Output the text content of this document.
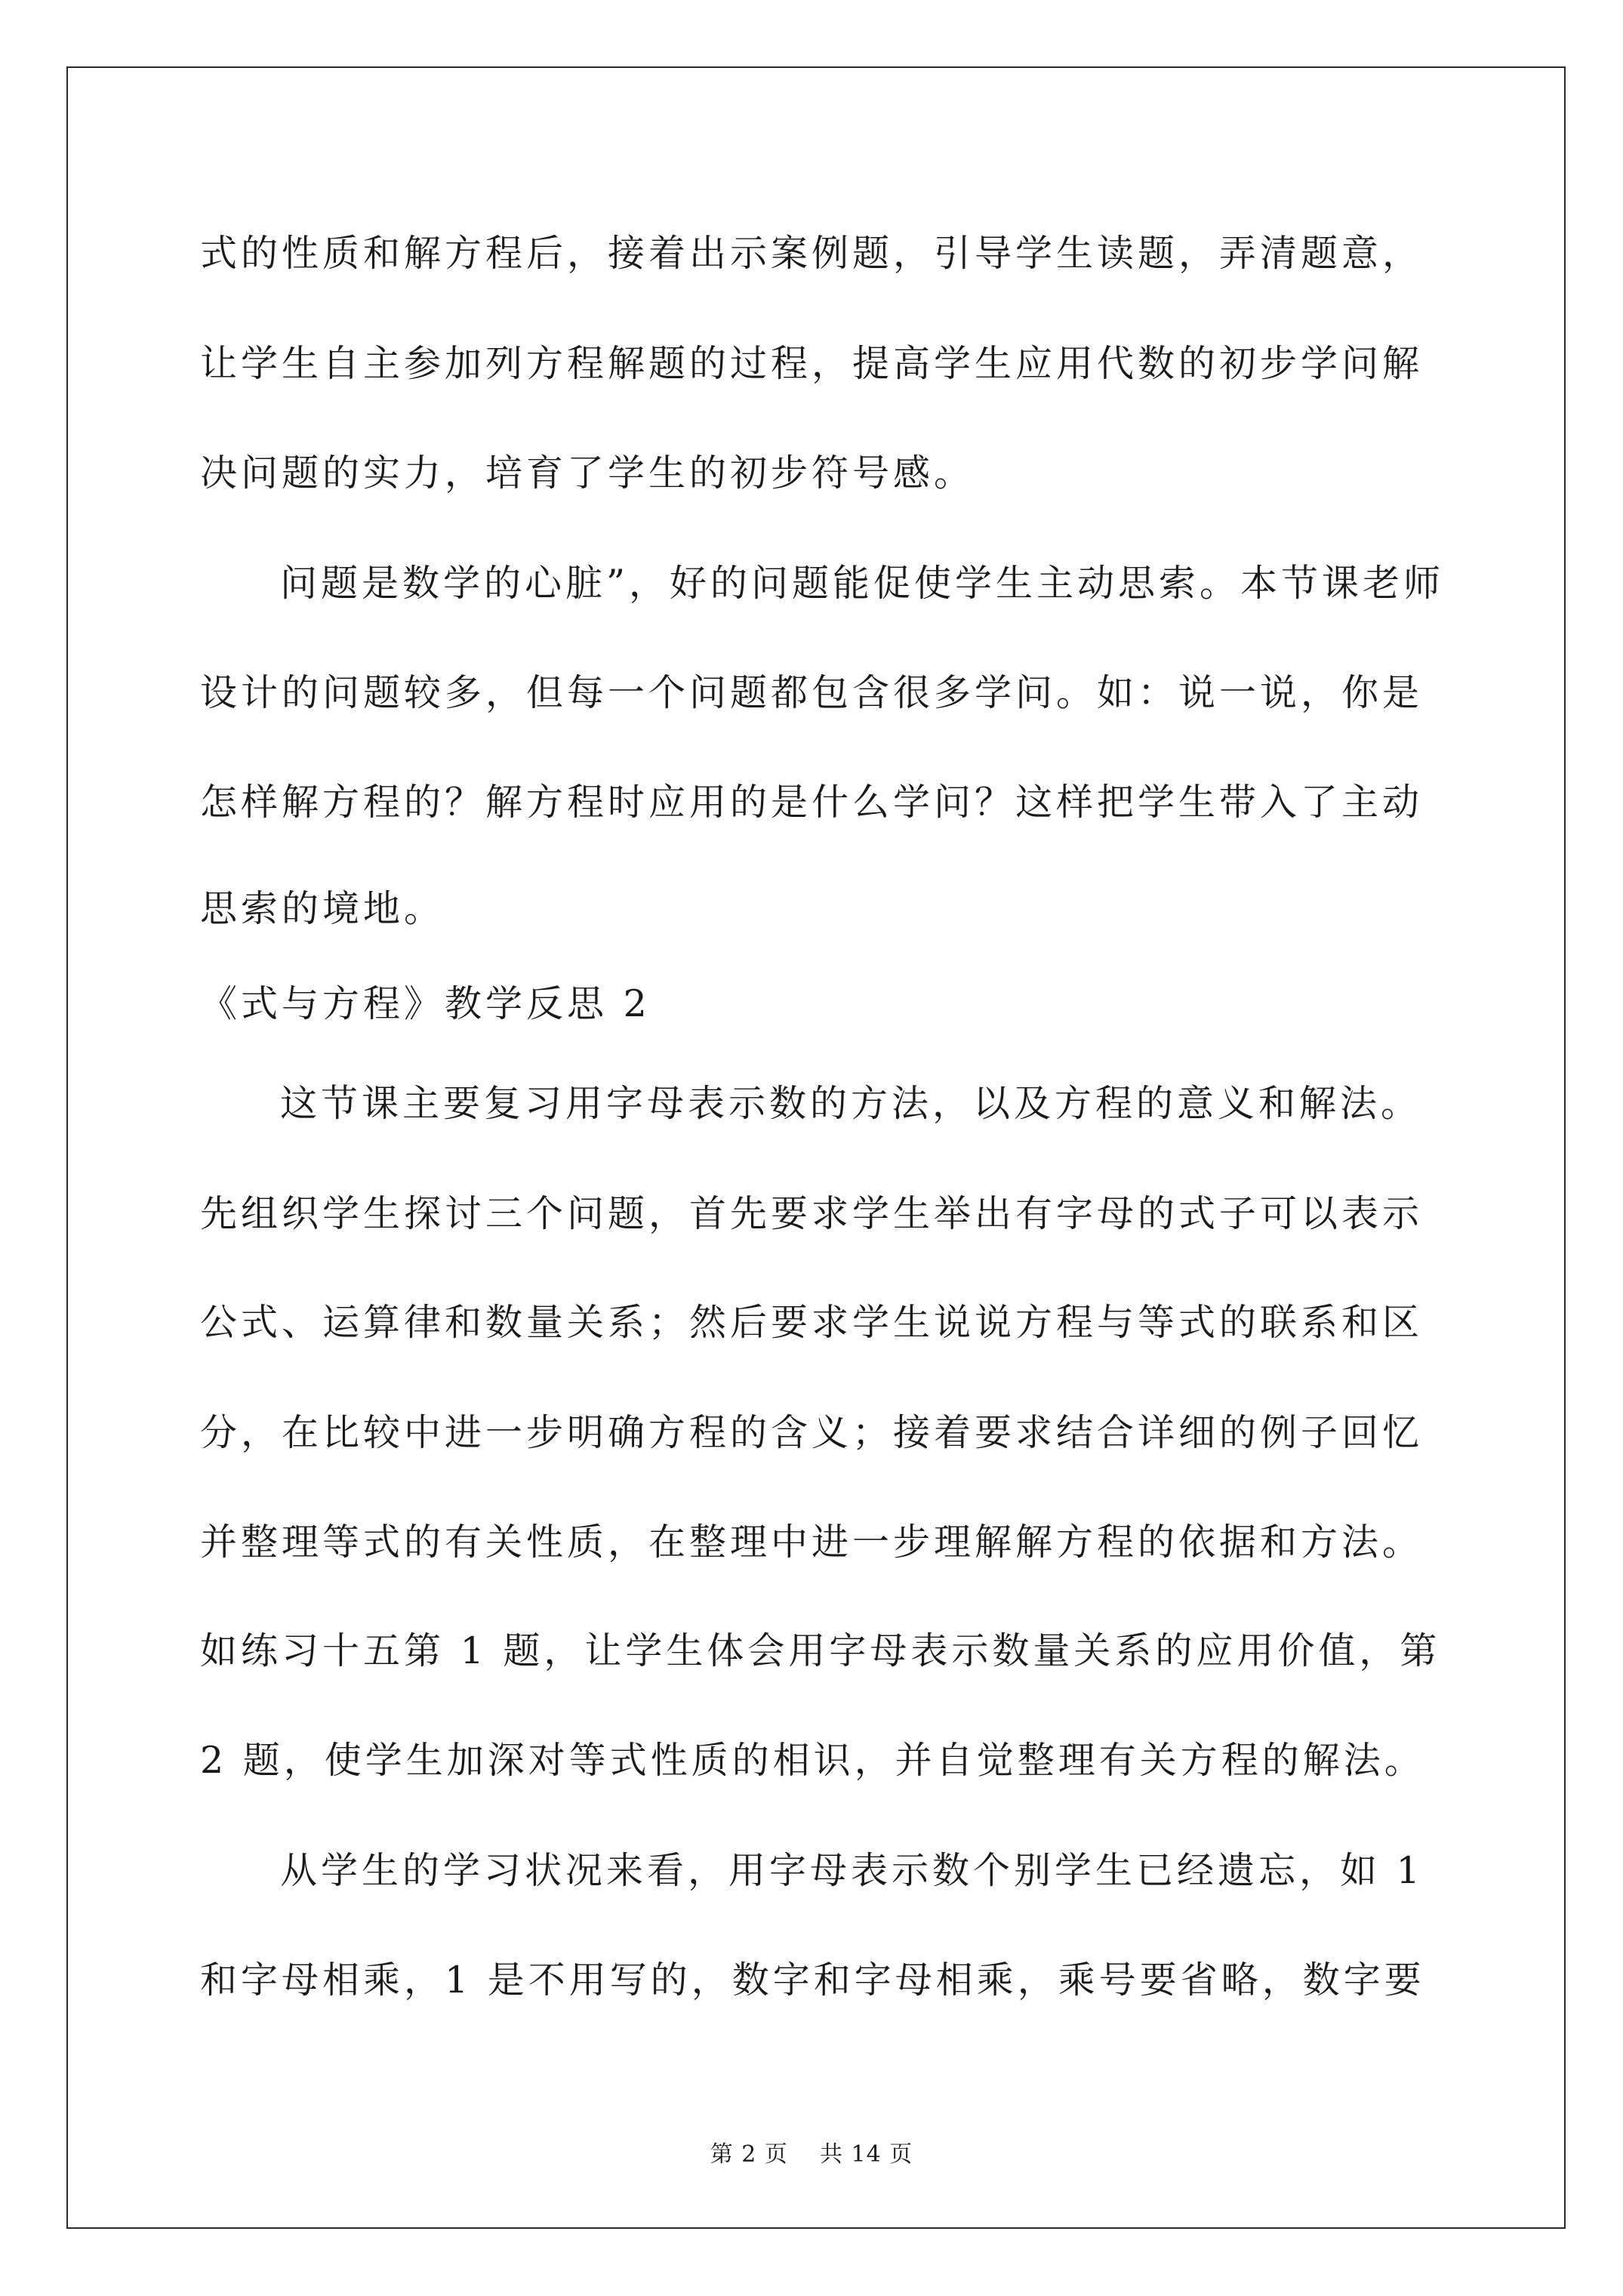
式的性质和解方程后，接着出示案例题，引导学生读题，弄清题意，
让学生自主参加列方程解题的过程，提高学生应用代数的初步学问解
决问题的实力，培育了学生的初步符号感。
问题是数学的心脏”，好的问题能促使学生主动思索。本节课老师
设计的问题较多，但每一个问题都包含很多学问。如：说一说，你是
怎样解方程的？解方程时应用的是什么学问？这样把学生带入了主动
思索的境地。
《式与方程》教学反思 2
这节课主要复习用字母表示数的方法，以及方程的意义和解法。
先组织学生探讨三个问题，首先要求学生举出有字母的式子可以表示
公式、运算律和数量关系；然后要求学生说说方程与等式的联系和区
分，在比较中进一步明确方程的含义；接着要求结合详细的例子回忆
并整理等式的有关性质，在整理中进一步理解解方程的依据和方法。
如练习十五第 1 题，让学生体会用字母表示数量关系的应用价值，第
2 题，使学生加深对等式性质的相识，并自觉整理有关方程的解法。
从学生的学习状况来看，用字母表示数个别学生已经遗忘，如 1
和字母相乘，1 是不用写的，数字和字母相乘，乘号要省略，数字要
第 2 页    共 14 页
